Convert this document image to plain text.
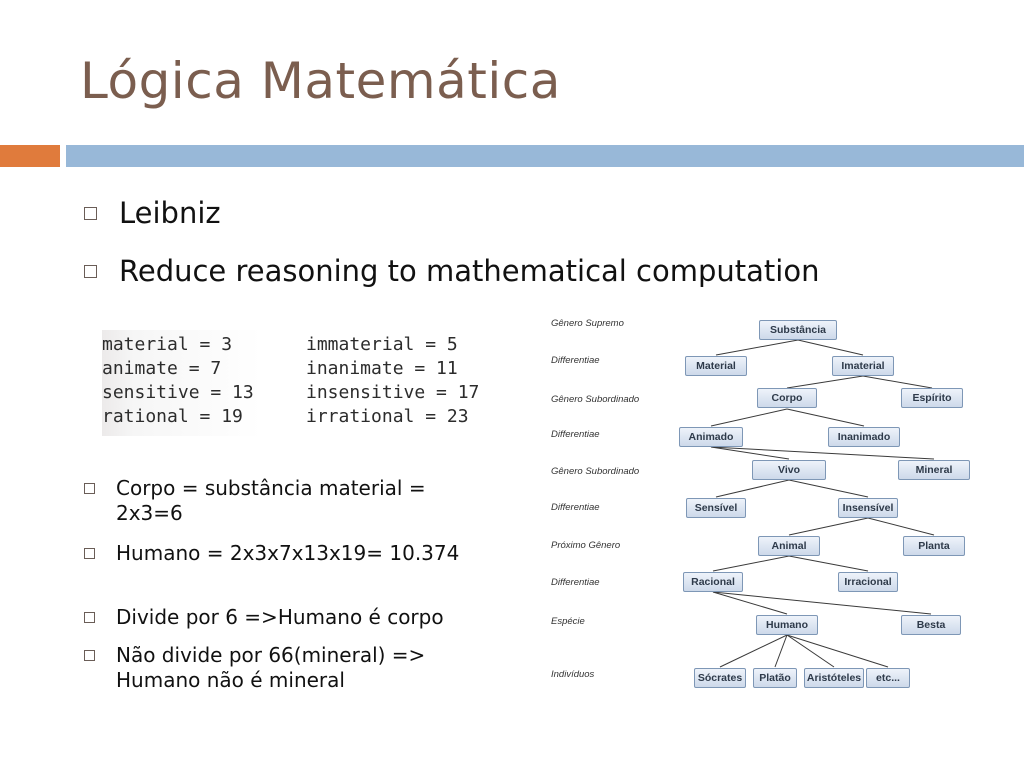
Lógica Matemática
Leibniz
Reduce reasoning to mathematical computation
material = 3	immaterial = 5
animate = 7	inanimate = 11
sensitive = 13	insensitive = 17
rational = 19	irrational = 23
Corpo = substância material = 2x3=6
Humano = 2x3x7x13x19= 10.374
Divide por 6 =>Humano é corpo
Não divide por 66(mineral) => Humano não é mineral
Gênero Supremo
Differentiae
Gênero Subordinado
Differentiae
Gênero Subordinado
Differentiae
Próximo Gênero
Differentiae
Espécie
Indivíduos
Substância
Material	Imaterial
Corpo	Espírito
Animado	Inanimado
Vivo	Mineral
Sensível	Insensível
Animal	Planta
Racional	Irracional
Humano	Besta
Sócrates	Platão	Aristóteles	etc...
